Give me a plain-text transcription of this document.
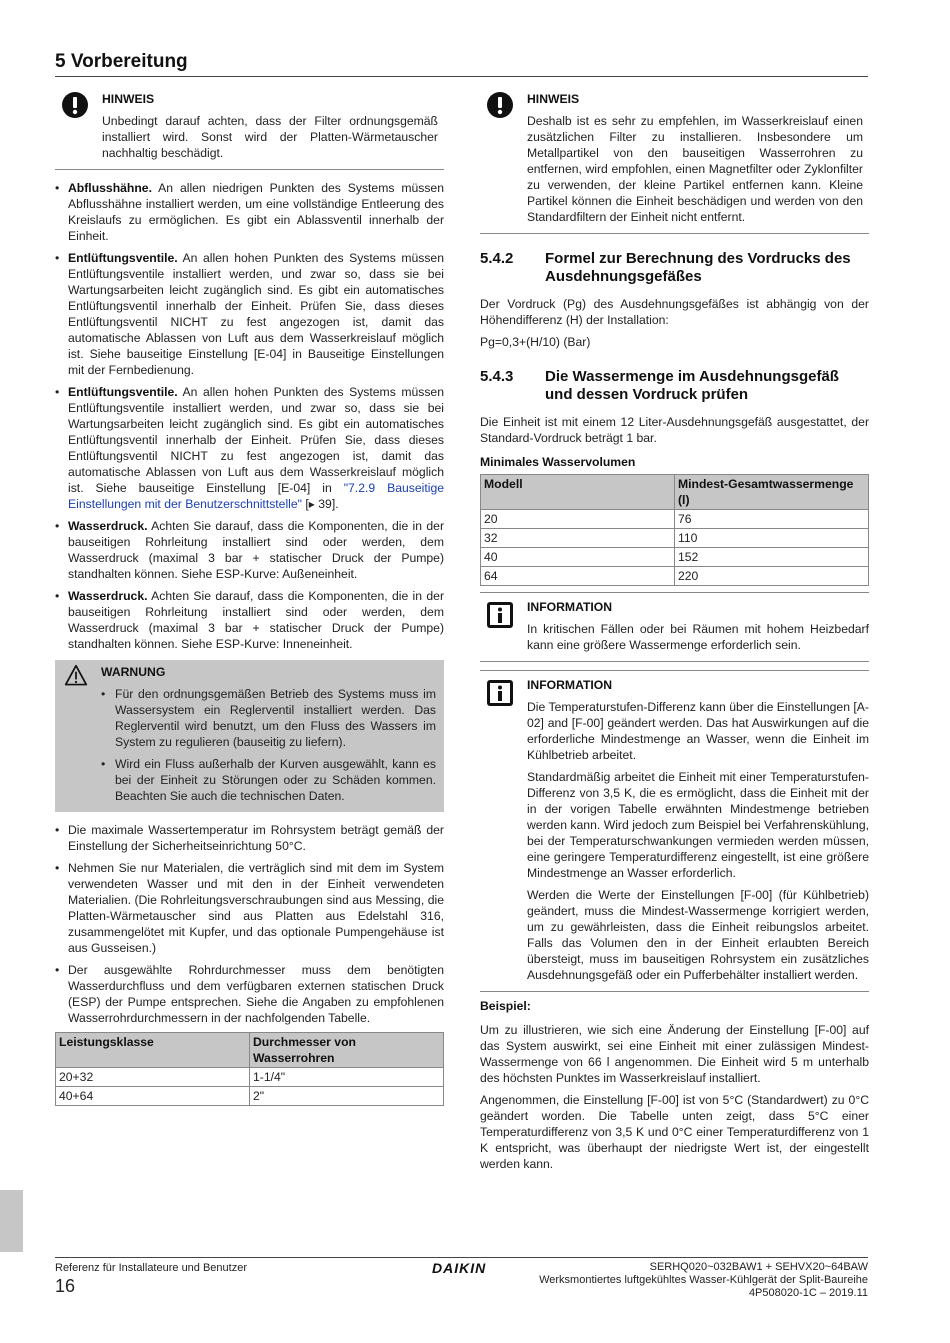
5 Vorbereitung
HINWEIS
Unbedingt darauf achten, dass der Filter ordnungsgemäß installiert wird. Sonst wird der Platten-Wärmetauscher nachhaltig beschädigt.
• Abflusshähne. An allen niedrigen Punkten des Systems müssen Abflusshähne installiert werden, um eine vollständige Entleerung des Kreislaufs zu ermöglichen. Es gibt ein Ablassventil innerhalb der Einheit.
• Entlüftungsventile. An allen hohen Punkten des Systems müssen Entlüftungsventile installiert werden, und zwar so, dass sie bei Wartungsarbeiten leicht zugänglich sind. Es gibt ein automatisches Entlüftungsventil innerhalb der Einheit. Prüfen Sie, dass dieses Entlüftungsventil NICHT zu fest angezogen ist, damit das automatische Ablassen von Luft aus dem Wasserkreislauf möglich ist. Siehe bauseitige Einstellung [E-04] in Bauseitige Einstellungen mit der Fernbedienung.
• Entlüftungsventile. An allen hohen Punkten des Systems müssen Entlüftungsventile installiert werden, und zwar so, dass sie bei Wartungsarbeiten leicht zugänglich sind. Es gibt ein automatisches Entlüftungsventil innerhalb der Einheit. Prüfen Sie, dass dieses Entlüftungsventil NICHT zu fest angezogen ist, damit das automatische Ablassen von Luft aus dem Wasserkreislauf möglich ist. Siehe bauseitige Einstellung [E-04] in "7.2.9 Bauseitige Einstellungen mit der Benutzerschnittstelle" [▸ 39].
• Wasserdruck. Achten Sie darauf, dass die Komponenten, die in der bauseitigen Rohrleitung installiert sind oder werden, dem Wasserdruck (maximal 3 bar + statischer Druck der Pumpe) standhalten können. Siehe ESP-Kurve: Außeneinheit.
• Wasserdruck. Achten Sie darauf, dass die Komponenten, die in der bauseitigen Rohrleitung installiert sind oder werden, dem Wasserdruck (maximal 3 bar + statischer Druck der Pumpe) standhalten können. Siehe ESP-Kurve: Inneneinheit.
WARNUNG
• Für den ordnungsgemäßen Betrieb des Systems muss im Wassersystem ein Reglerventil installiert werden. Das Reglerventil wird benutzt, um den Fluss des Wassers im System zu regulieren (bauseitig zu liefern).
• Wird ein Fluss außerhalb der Kurven ausgewählt, kann es bei der Einheit zu Störungen oder zu Schäden kommen. Beachten Sie auch die technischen Daten.
• Die maximale Wassertemperatur im Rohrsystem beträgt gemäß der Einstellung der Sicherheitseinrichtung 50°C.
• Nehmen Sie nur Materialen, die verträglich sind mit dem im System verwendeten Wasser und mit den in der Einheit verwendeten Materialien. (Die Rohrleitungsverschraubungen sind aus Messing, die Platten-Wärmetauscher sind aus Platten aus Edelstahl 316, zusammengelötet mit Kupfer, und das optionale Pumpengehäuse ist aus Gusseisen.)
• Der ausgewählte Rohrdurchmesser muss dem benötigten Wasserdurchfluss und dem verfügbaren externen statischen Druck (ESP) der Pumpe entsprechen. Siehe die Angaben zu empfohlenen Wasserrohrdurchmessern in der nachfolgenden Tabelle.
Leistungsklasse	Durchmesser von Wasserrohren
20+32	1-1/4"
40+64	2"
HINWEIS
Deshalb ist es sehr zu empfehlen, im Wasserkreislauf einen zusätzlichen Filter zu installieren. Insbesondere um Metallpartikel von den bauseitigen Wasserrohren zu entfernen, wird empfohlen, einen Magnetfilter oder Zyklonfilter zu verwenden, der kleine Partikel entfernen kann. Kleine Partikel können die Einheit beschädigen und werden von den Standardfiltern der Einheit nicht entfernt.
5.4.2	Formel zur Berechnung des Vordrucks des Ausdehnungsgefäßes

Der Vordruck (Pg) des Ausdehnungsgefäßes ist abhängig von der Höhendifferenz (H) der Installation:

Pg=0,3+(H/10) (Bar)

5.4.3	Die Wassermenge im Ausdehnungsgefäß und dessen Vordruck prüfen

Die Einheit ist mit einem 12 Liter-Ausdehnungsgefäß ausgestattet, der Standard-Vordruck beträgt 1 bar.

Minimales Wasservolumen
Modell	Mindest-Gesamtwassermenge (l)
20	76
32	110
40	152
64	220
INFORMATION

In kritischen Fällen oder bei Räumen mit hohem Heizbedarf kann eine größere Wassermenge erforderlich sein.

INFORMATION

Die Temperaturstufen-Differenz kann über die Einstellungen [A-02] and [F-00] geändert werden. Das hat Auswirkungen auf die erforderliche Mindestmenge an Wasser, wenn die Einheit im Kühlbetrieb arbeitet.

Standardmäßig arbeitet die Einheit mit einer Temperaturstufen-Differenz von 3,5 K, die es ermöglicht, dass die Einheit mit der in der vorigen Tabelle erwähnten Mindestmenge betrieben werden kann. Wird jedoch zum Beispiel bei Verfahrenskühlung, bei der Temperaturschwankungen vermieden werden müssen, eine geringere Temperaturdifferenz eingestellt, ist eine größere Mindestmenge an Wasser erforderlich.

Werden die Werte der Einstellungen [F-00] (für Kühlbetrieb) geändert, muss die Mindest-Wassermenge korrigiert werden, um zu gewährleisten, dass die Einheit reibungslos arbeitet. Falls das Volumen den in der Einheit erlaubten Bereich übersteigt, muss im bauseitigen Rohrsystem ein zusätzliches Ausdehnungsgefäß oder ein Pufferbehälter installiert werden.

Beispiel:

Um zu illustrieren, wie sich eine Änderung der Einstellung [F-00] auf das System auswirkt, sei eine Einheit mit einer zulässigen Mindest-Wassermenge von 66 l angenommen. Die Einheit wird 5 m unterhalb des höchsten Punktes im Wasserkreislauf installiert.

Angenommen, die Einstellung [F-00] ist von 5°C (Standardwert) zu 0°C geändert worden. Die Tabelle unten zeigt, dass 5°C einer Temperaturdifferenz von 3,5 K und 0°C einer Temperaturdifferenz von 1 K entspricht, was überhaupt der niedrigste Wert ist, der eingestellt werden kann.

Referenz für Installateure und Benutzer
16
DAIKIN	SERHQ020~032BAW1 + SEHVX20~64BAW
Werksmontiertes luftgekühltes Wasser-Kühlgerät der Split-Baureihe
4P508020-1C – 2019.11
